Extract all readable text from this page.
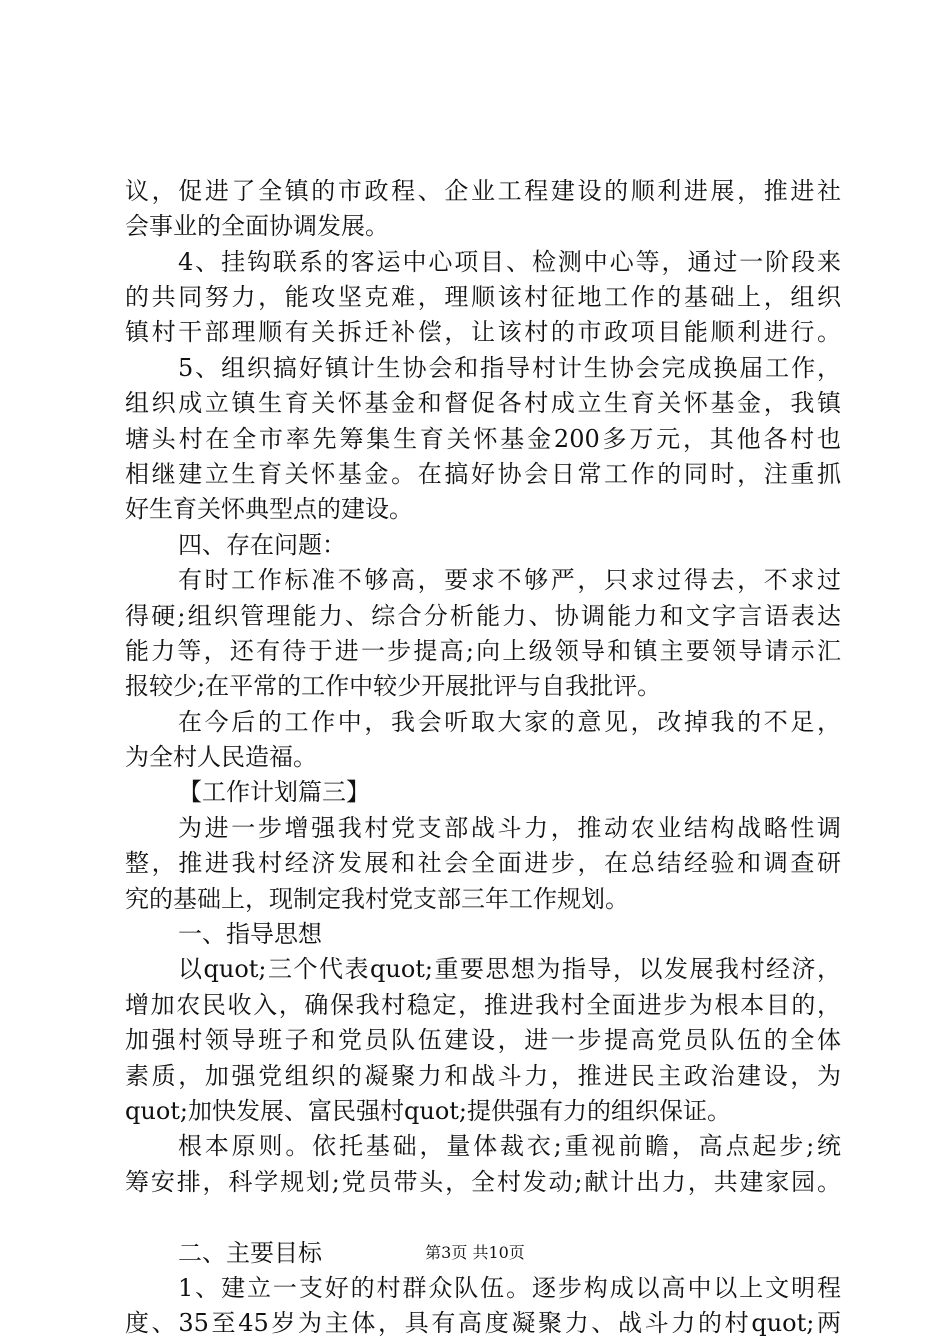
议，促进了全镇的市政程、企业工程建设的顺利进展，推进社
会事业的全面协调发展。
4、挂钩联系的客运中心项目、检测中心等，通过一阶段来
的共同努力，能攻坚克难，理顺该村征地工作的基础上，组织
镇村干部理顺有关拆迁补偿，让该村的市政项目能顺利进行。
5、组织搞好镇计生协会和指导村计生协会完成换届工作，
组织成立镇生育关怀基金和督促各村成立生育关怀基金，我镇
塘头村在全市率先筹集生育关怀基金200多万元，其他各村也
相继建立生育关怀基金。在搞好协会日常工作的同时，注重抓
好生育关怀典型点的建设。
四、存在问题：
有时工作标准不够高，要求不够严，只求过得去，不求过
得硬;组织管理能力、综合分析能力、协调能力和文字言语表达
能力等，还有待于进一步提高;向上级领导和镇主要领导请示汇
报较少;在平常的工作中较少开展批评与自我批评。
在今后的工作中，我会听取大家的意见，改掉我的不足，
为全村人民造福。
【工作计划篇三】
为进一步增强我村党支部战斗力，推动农业结构战略性调
整，推进我村经济发展和社会全面进步，在总结经验和调查研
究的基础上，现制定我村党支部三年工作规划。
一、指导思想
以quot;三个代表quot;重要思想为指导，以发展我村经济，
增加农民收入，确保我村稳定，推进我村全面进步为根本目的，
加强村领导班子和党员队伍建设，进一步提高党员队伍的全体
素质，加强党组织的凝聚力和战斗力，推进民主政治建设，为
quot;加快发展、富民强村quot;提供强有力的组织保证。
根本原则。依托基础，量体裁衣;重视前瞻，高点起步;统
筹安排，科学规划;党员带头，全村发动;献计出力，共建家园。
二、主要目标
1、建立一支好的村群众队伍。逐步构成以高中以上文明程
度、35至45岁为主体，具有高度凝聚力、战斗力的村quot;两
第3页 共10页
